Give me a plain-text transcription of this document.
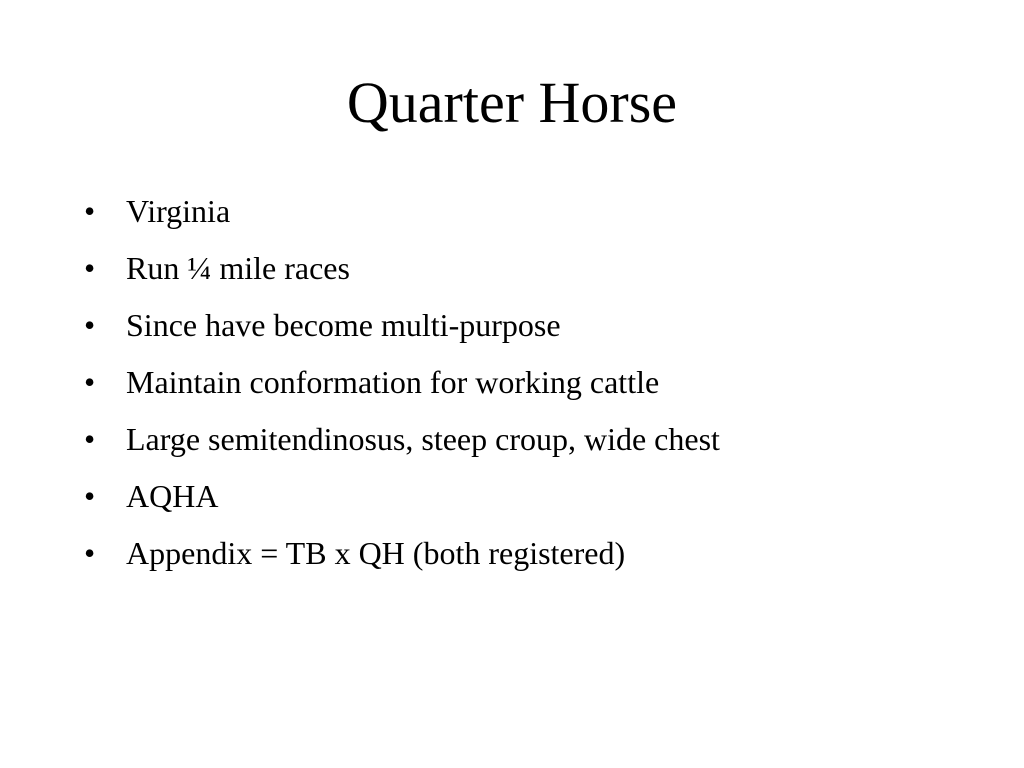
Quarter Horse
• Virginia
• Run ¼ mile races
• Since have become multi-purpose
• Maintain conformation for working cattle
• Large semitendinosus, steep croup, wide chest
• AQHA
• Appendix = TB x QH (both registered)
